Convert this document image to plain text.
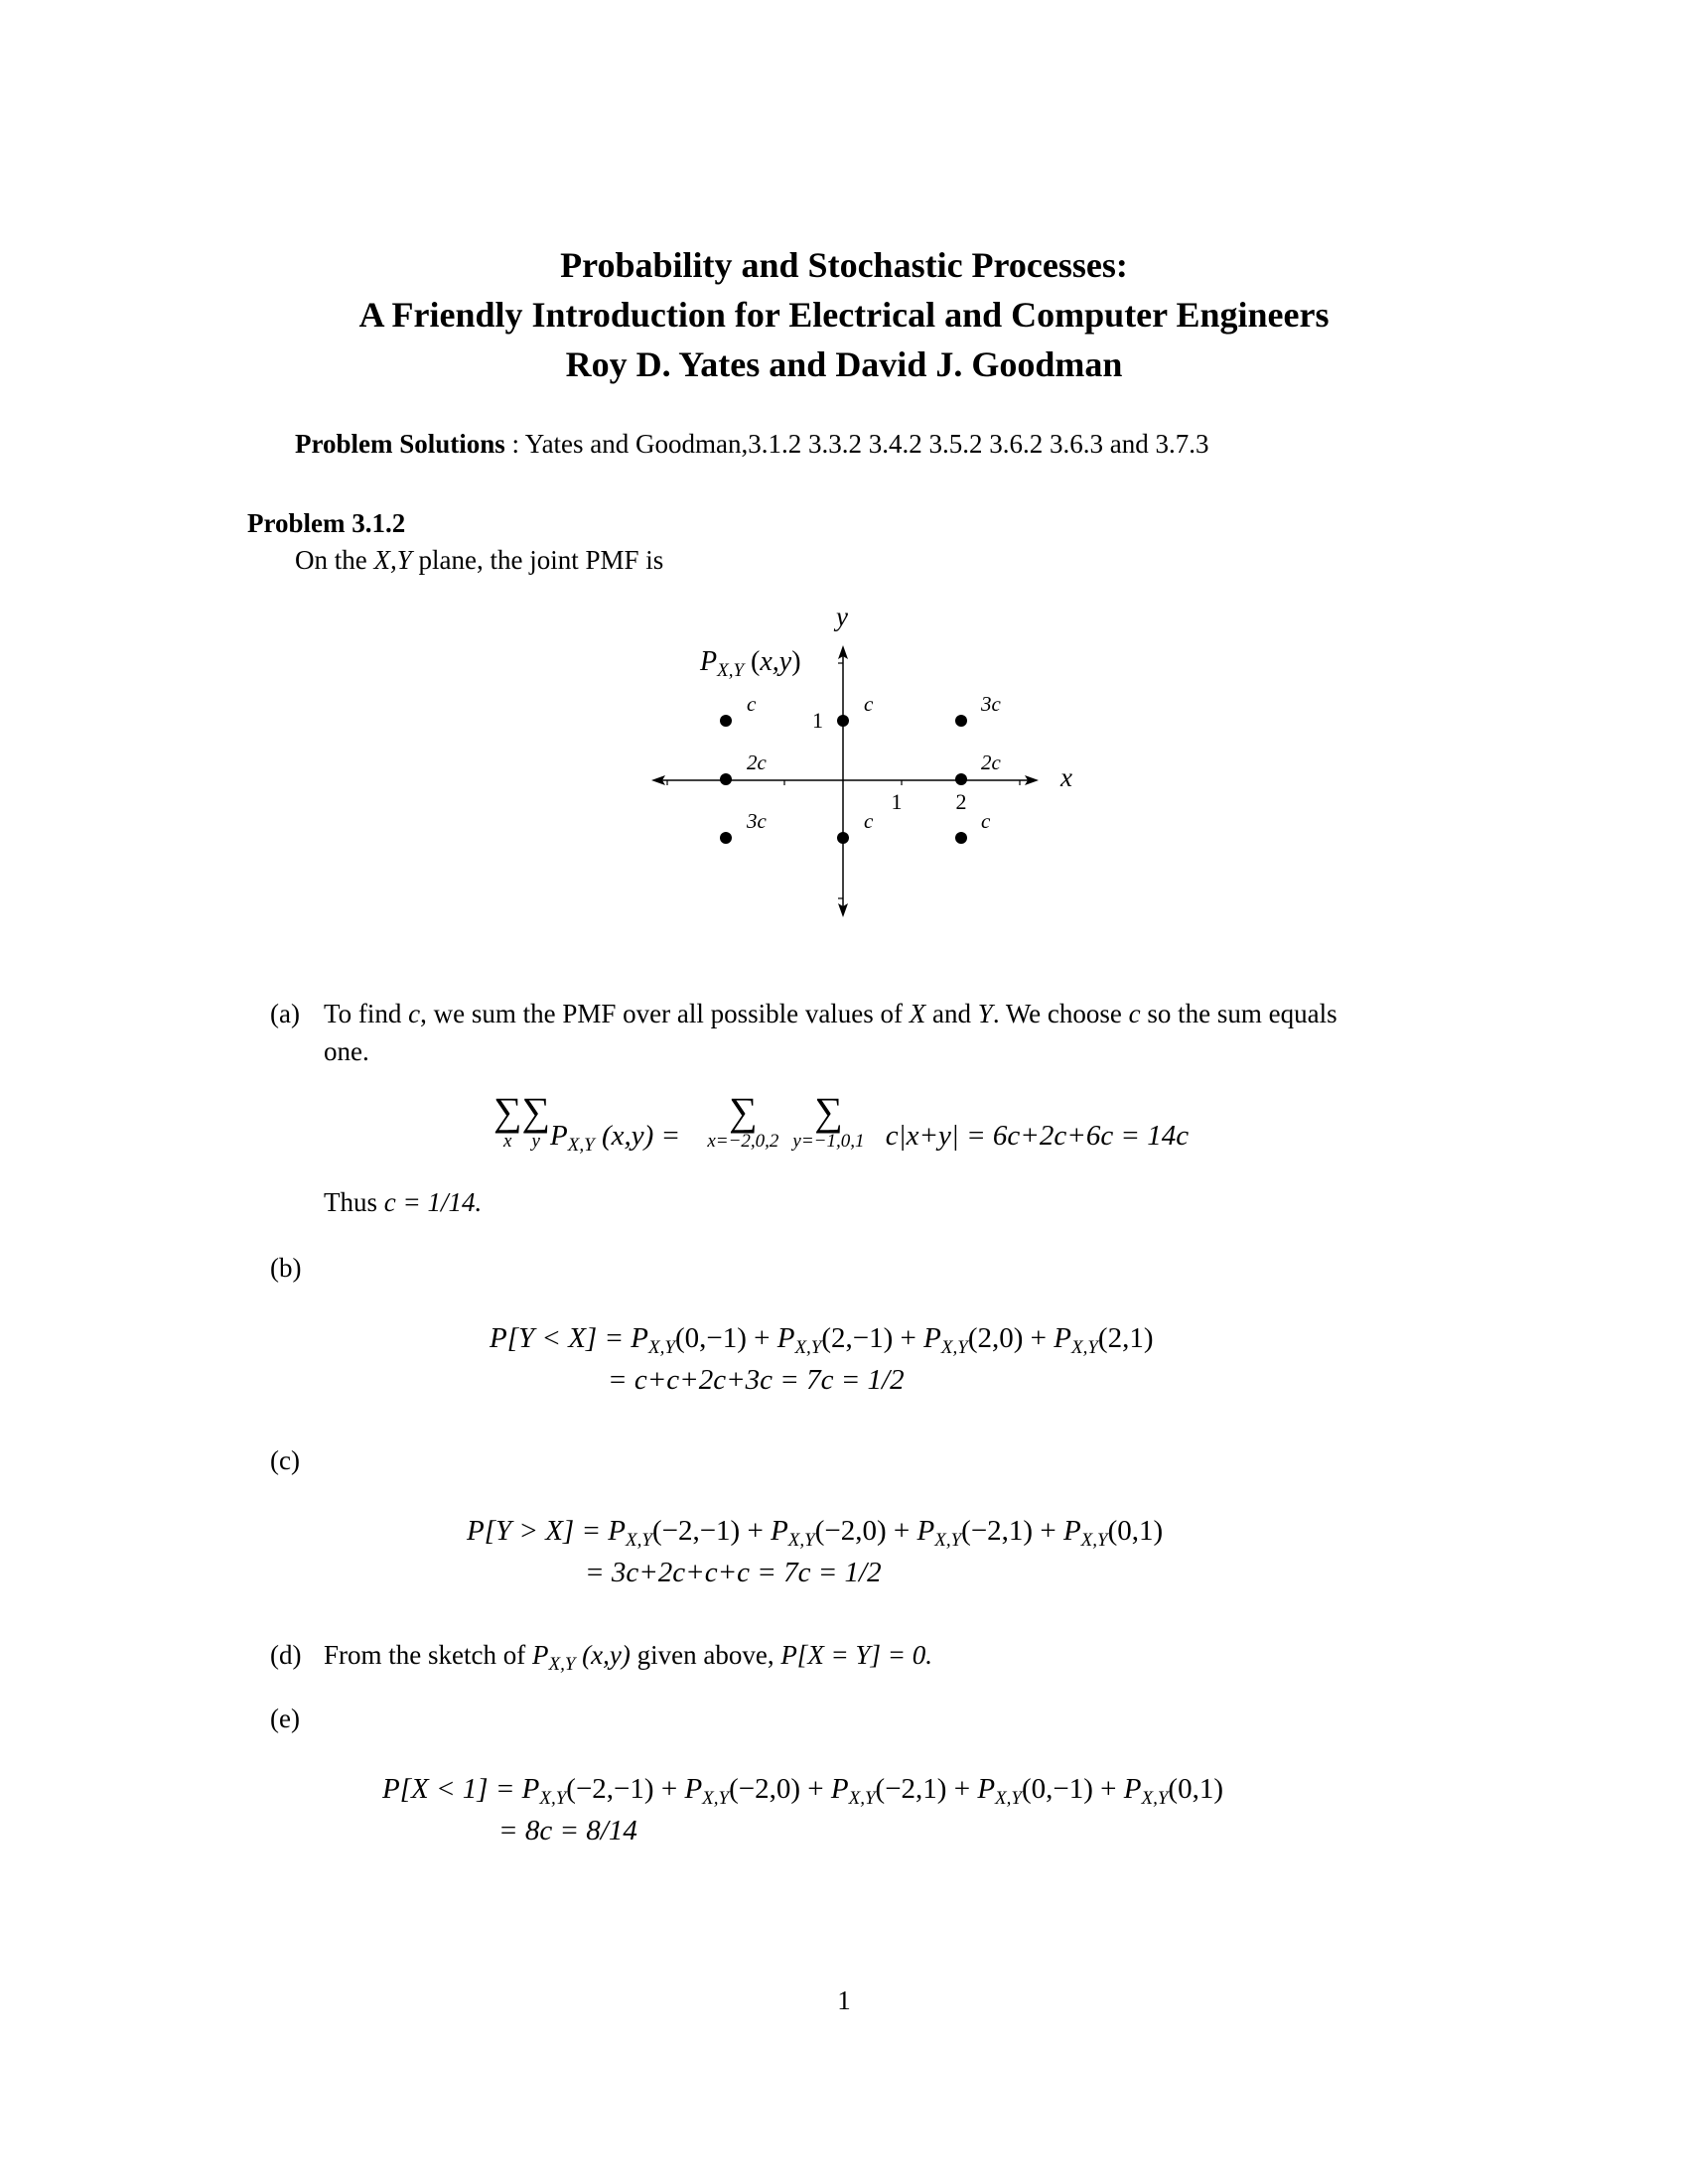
Probability and Stochastic Processes:
A Friendly Introduction for Electrical and Computer Engineers
Roy D. Yates and David J. Goodman
Problem Solutions : Yates and Goodman,3.1.2 3.3.2 3.4.2 3.5.2 3.6.2 3.6.3 and 3.7.3
Problem 3.1.2
On the X,Y plane, the joint PMF is
y
x
1 2
1
$P_{X,Y}$ (x,y)
c
2c
3c
c
c
3c
2c
c
(a) To find c, we sum the PMF over all possible values of X and Y. We choose c so the sum equals
one.
∑
x
∑
y $P_{X,Y}$ (x,y) =
∑
x=−2,0,2
∑
y=−1,0,1 c|x+y| = 6c+2c+6c = 14c
Thus c = 1/14.
(b)
$P[Y < X] = P_{X,Y}(0,-1) + P_{X,Y}(2,-1) + P_{X,Y}(2,0) + P_{X,Y}(2,1)$
= c+c+2c+3c = 7c = 1/2
(c)
$P[Y > X] = P_{X,Y}(-2,-1) + P_{X,Y}(-2,0) + P_{X,Y}(-2,1) + P_{X,Y}(0,1)$
= 3c+2c+c+c = 7c = 1/2
(d) From the sketch of $P_{X,Y}$ (x,y) given above, P[X = Y] = 0.
(e)
$P[X < 1] = P_{X,Y}(-2,-1) + P_{X,Y}(-2,0) + P_{X,Y}(-2,1) + P_{X,Y}(0,-1) + P_{X,Y}(0,1)$
= 8c = 8/14
1
